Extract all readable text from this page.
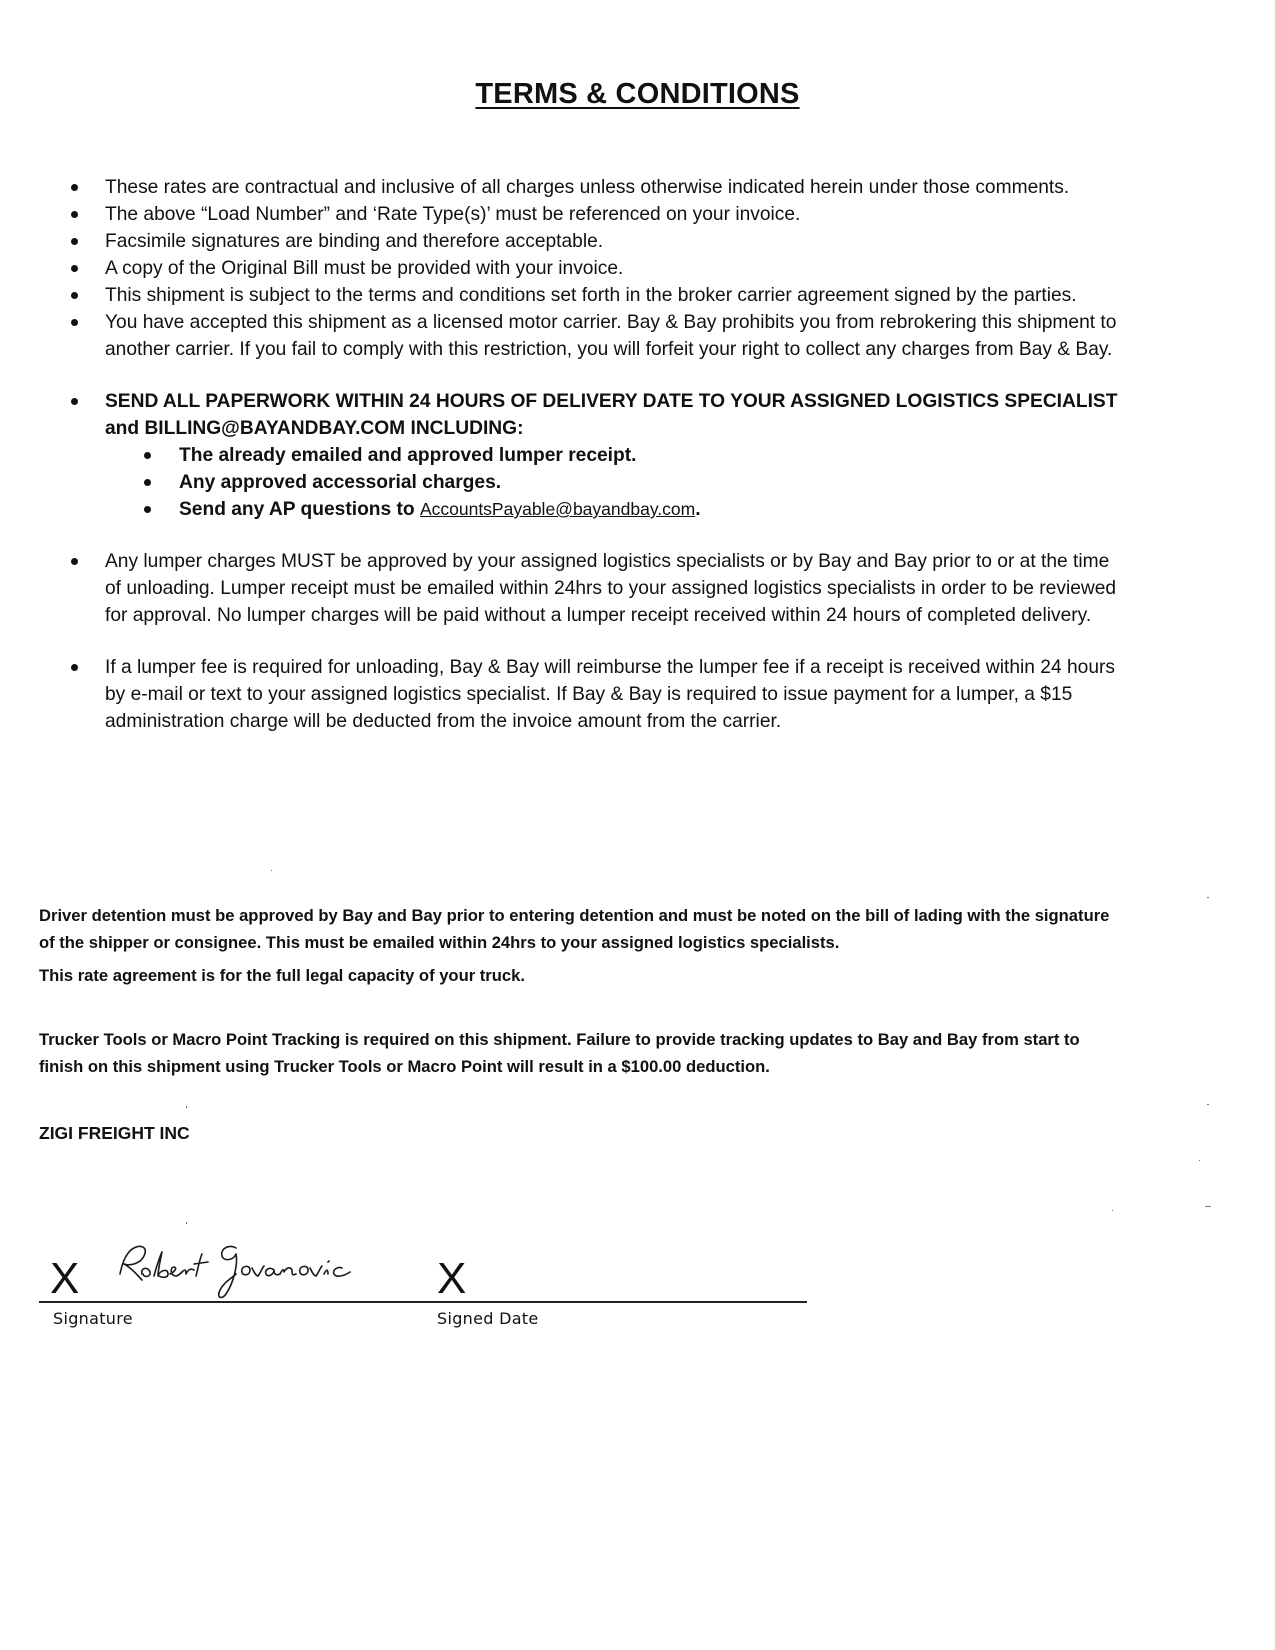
TERMS & CONDITIONS

These rates are contractual and inclusive of all charges unless otherwise indicated herein under those comments.

The above “Load Number” and ‘Rate Type(s)’ must be referenced on your invoice.

Facsimile signatures are binding and therefore acceptable.

A copy of the Original Bill must be provided with your invoice.

This shipment is subject to the terms and conditions set forth in the broker carrier agreement signed by the parties.

You have accepted this shipment as a licensed motor carrier. Bay & Bay prohibits you from rebrokering this shipment to another carrier. If you fail to comply with this restriction, you will forfeit your right to collect any charges from Bay & Bay.

SEND ALL PAPERWORK WITHIN 24 HOURS OF DELIVERY DATE TO YOUR ASSIGNED LOGISTICS SPECIALIST and BILLING@BAYANDBAY.COM INCLUDING:

The already emailed and approved lumper receipt.

Any approved accessorial charges.

Send any AP questions to AccountsPayable@bayandbay.com.

Any lumper charges MUST be approved by your assigned logistics specialists or by Bay and Bay prior to or at the time of unloading. Lumper receipt must be emailed within 24hrs to your assigned logistics specialists in order to be reviewed for approval. No lumper charges will be paid without a lumper receipt received within 24 hours of completed delivery.

If a lumper fee is required for unloading, Bay & Bay will reimburse the lumper fee if a receipt is received within 24 hours by e-mail or text to your assigned logistics specialist. If Bay & Bay is required to issue payment for a lumper, a $15 administration charge will be deducted from the invoice amount from the carrier.

Driver detention must be approved by Bay and Bay prior to entering detention and must be noted on the bill of lading with the signature of the shipper or consignee. This must be emailed within 24hrs to your assigned logistics specialists.
This rate agreement is for the full legal capacity of your truck.
Trucker Tools or Macro Point Tracking is required on this shipment. Failure to provide tracking updates to Bay and Bay from start to finish on this shipment using Trucker Tools or Macro Point will result in a $100.00 deduction.
ZIGI FREIGHT INC
X	X
Signature	Signed Date
